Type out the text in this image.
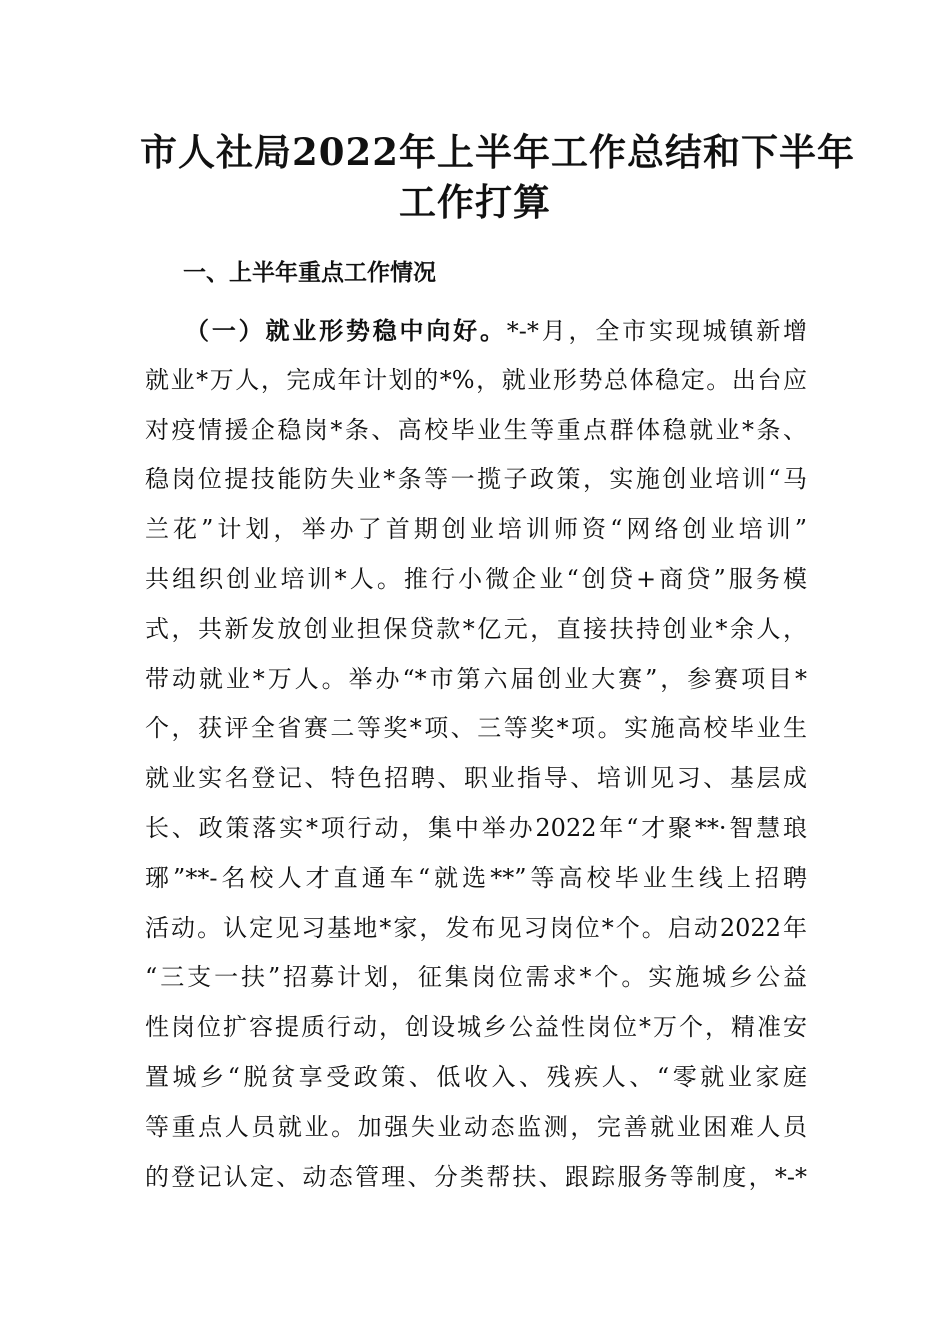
市人社局2022年上半年工作总结和下半年
工作打算
一、上半年重点工作情况
（一）就业形势稳中向好。*-*月，全市实现城镇新增
就业*万人，完成年计划的*%，就业形势总体稳定。出台应
对疫情援企稳岗*条、高校毕业生等重点群体稳就业*条、
稳岗位提技能防失业*条等一揽子政策，实施创业培训“马
兰花”计划，举办了首期创业培训师资“网络创业培训”
共组织创业培训*人。推行小微企业“创贷+商贷”服务模
式，共新发放创业担保贷款*亿元，直接扶持创业*余人，
带动就业*万人。举办“*市第六届创业大赛”，参赛项目*
个，获评全省赛二等奖*项、三等奖*项。实施高校毕业生
就业实名登记、特色招聘、职业指导、培训见习、基层成
长、政策落实*项行动，集中举办2022年“才聚**·智慧琅
琊”**-名校人才直通车“就选**”等高校毕业生线上招聘
活动。认定见习基地*家，发布见习岗位*个。启动2022年
“三支一扶”招募计划，征集岗位需求*个。实施城乡公益
性岗位扩容提质行动，创设城乡公益性岗位*万个，精准安
置城乡“脱贫享受政策、低收入、残疾人、“零就业家庭
等重点人员就业。加强失业动态监测，完善就业困难人员
的登记认定、动态管理、分类帮扶、跟踪服务等制度，*-*
